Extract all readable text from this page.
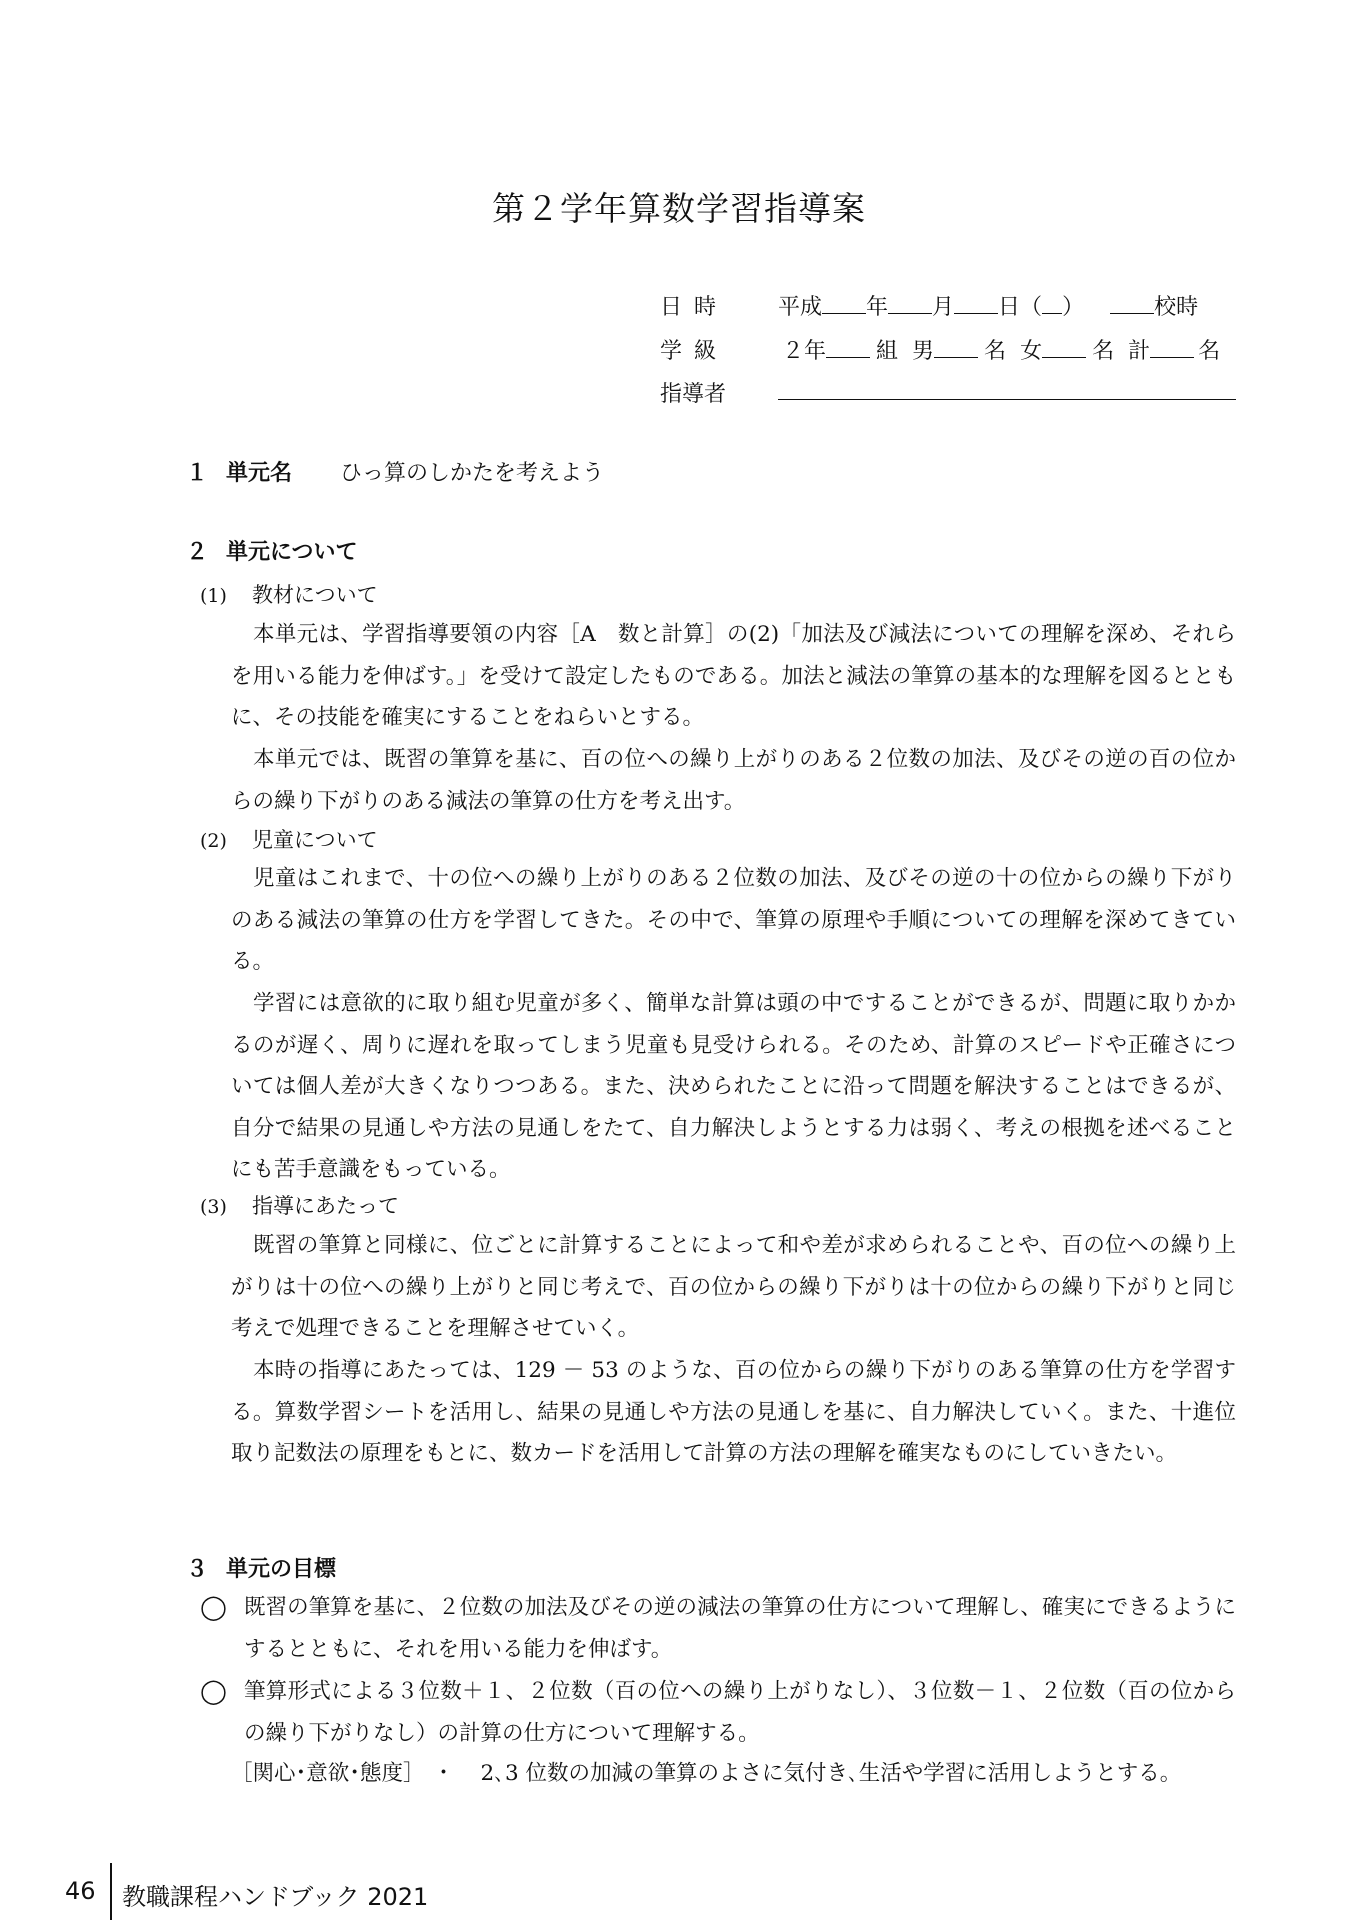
第２学年算数学習指導案
日時	平成 年 月 日（ ）	校時
学級	２年 組 男 名 女 名 計 名
指導者
１ 単元名 ひっ算のしかたを考えよう
２ 単元について
(1) 教材について
本単元は、学習指導要領の内容［A　数と計算］の(2)「加法及び減法についての理解を深め、それらを用いる能力を伸ばす。」を受けて設定したものである。加法と減法の筆算の基本的な理解を図るとともに、その技能を確実にすることをねらいとする。
本単元では、既習の筆算を基に、百の位への繰り上がりのある２位数の加法、及びその逆の百の位からの繰り下がりのある減法の筆算の仕方を考え出す。
(2) 児童について
児童はこれまで、十の位への繰り上がりのある２位数の加法、及びその逆の十の位からの繰り下がりのある減法の筆算の仕方を学習してきた。その中で、筆算の原理や手順についての理解を深めてきている。
学習には意欲的に取り組む児童が多く、簡単な計算は頭の中ですることができるが、問題に取りかかるのが遅く、周りに遅れを取ってしまう児童も見受けられる。そのため、計算のスピードや正確さについては個人差が大きくなりつつある。また、決められたことに沿って問題を解決することはできるが、自分で結果の見通しや方法の見通しをたて、自力解決しようとする力は弱く、考えの根拠を述べることにも苦手意識をもっている。
(3) 指導にあたって
既習の筆算と同様に、位ごとに計算することによって和や差が求められることや、百の位への繰り上がりは十の位への繰り上がりと同じ考えで、百の位からの繰り下がりは十の位からの繰り下がりと同じ考えで処理できることを理解させていく。
本時の指導にあたっては、129 － 53 のような、百の位からの繰り下がりのある筆算の仕方を学習する。算数学習シートを活用し、結果の見通しや方法の見通しを基に、自力解決していく。また、十進位取り記数法の原理をもとに、数カードを活用して計算の方法の理解を確実なものにしていきたい。
３ 単元の目標
◯ 既習の筆算を基に、２位数の加法及びその逆の減法の筆算の仕方について理解し、確実にできるようにするとともに、それを用いる能力を伸ばす。
◯ 筆算形式による３位数＋１、２位数（百の位への繰り上がりなし）、３位数－１、２位数（百の位からの繰り下がりなし）の計算の仕方について理解する。
［関心･意欲･態度］ ・ 2､3 位数の加減の筆算のよさに気付き､生活や学習に活用しようとする。
46 教職課程ハンドブック 2021
